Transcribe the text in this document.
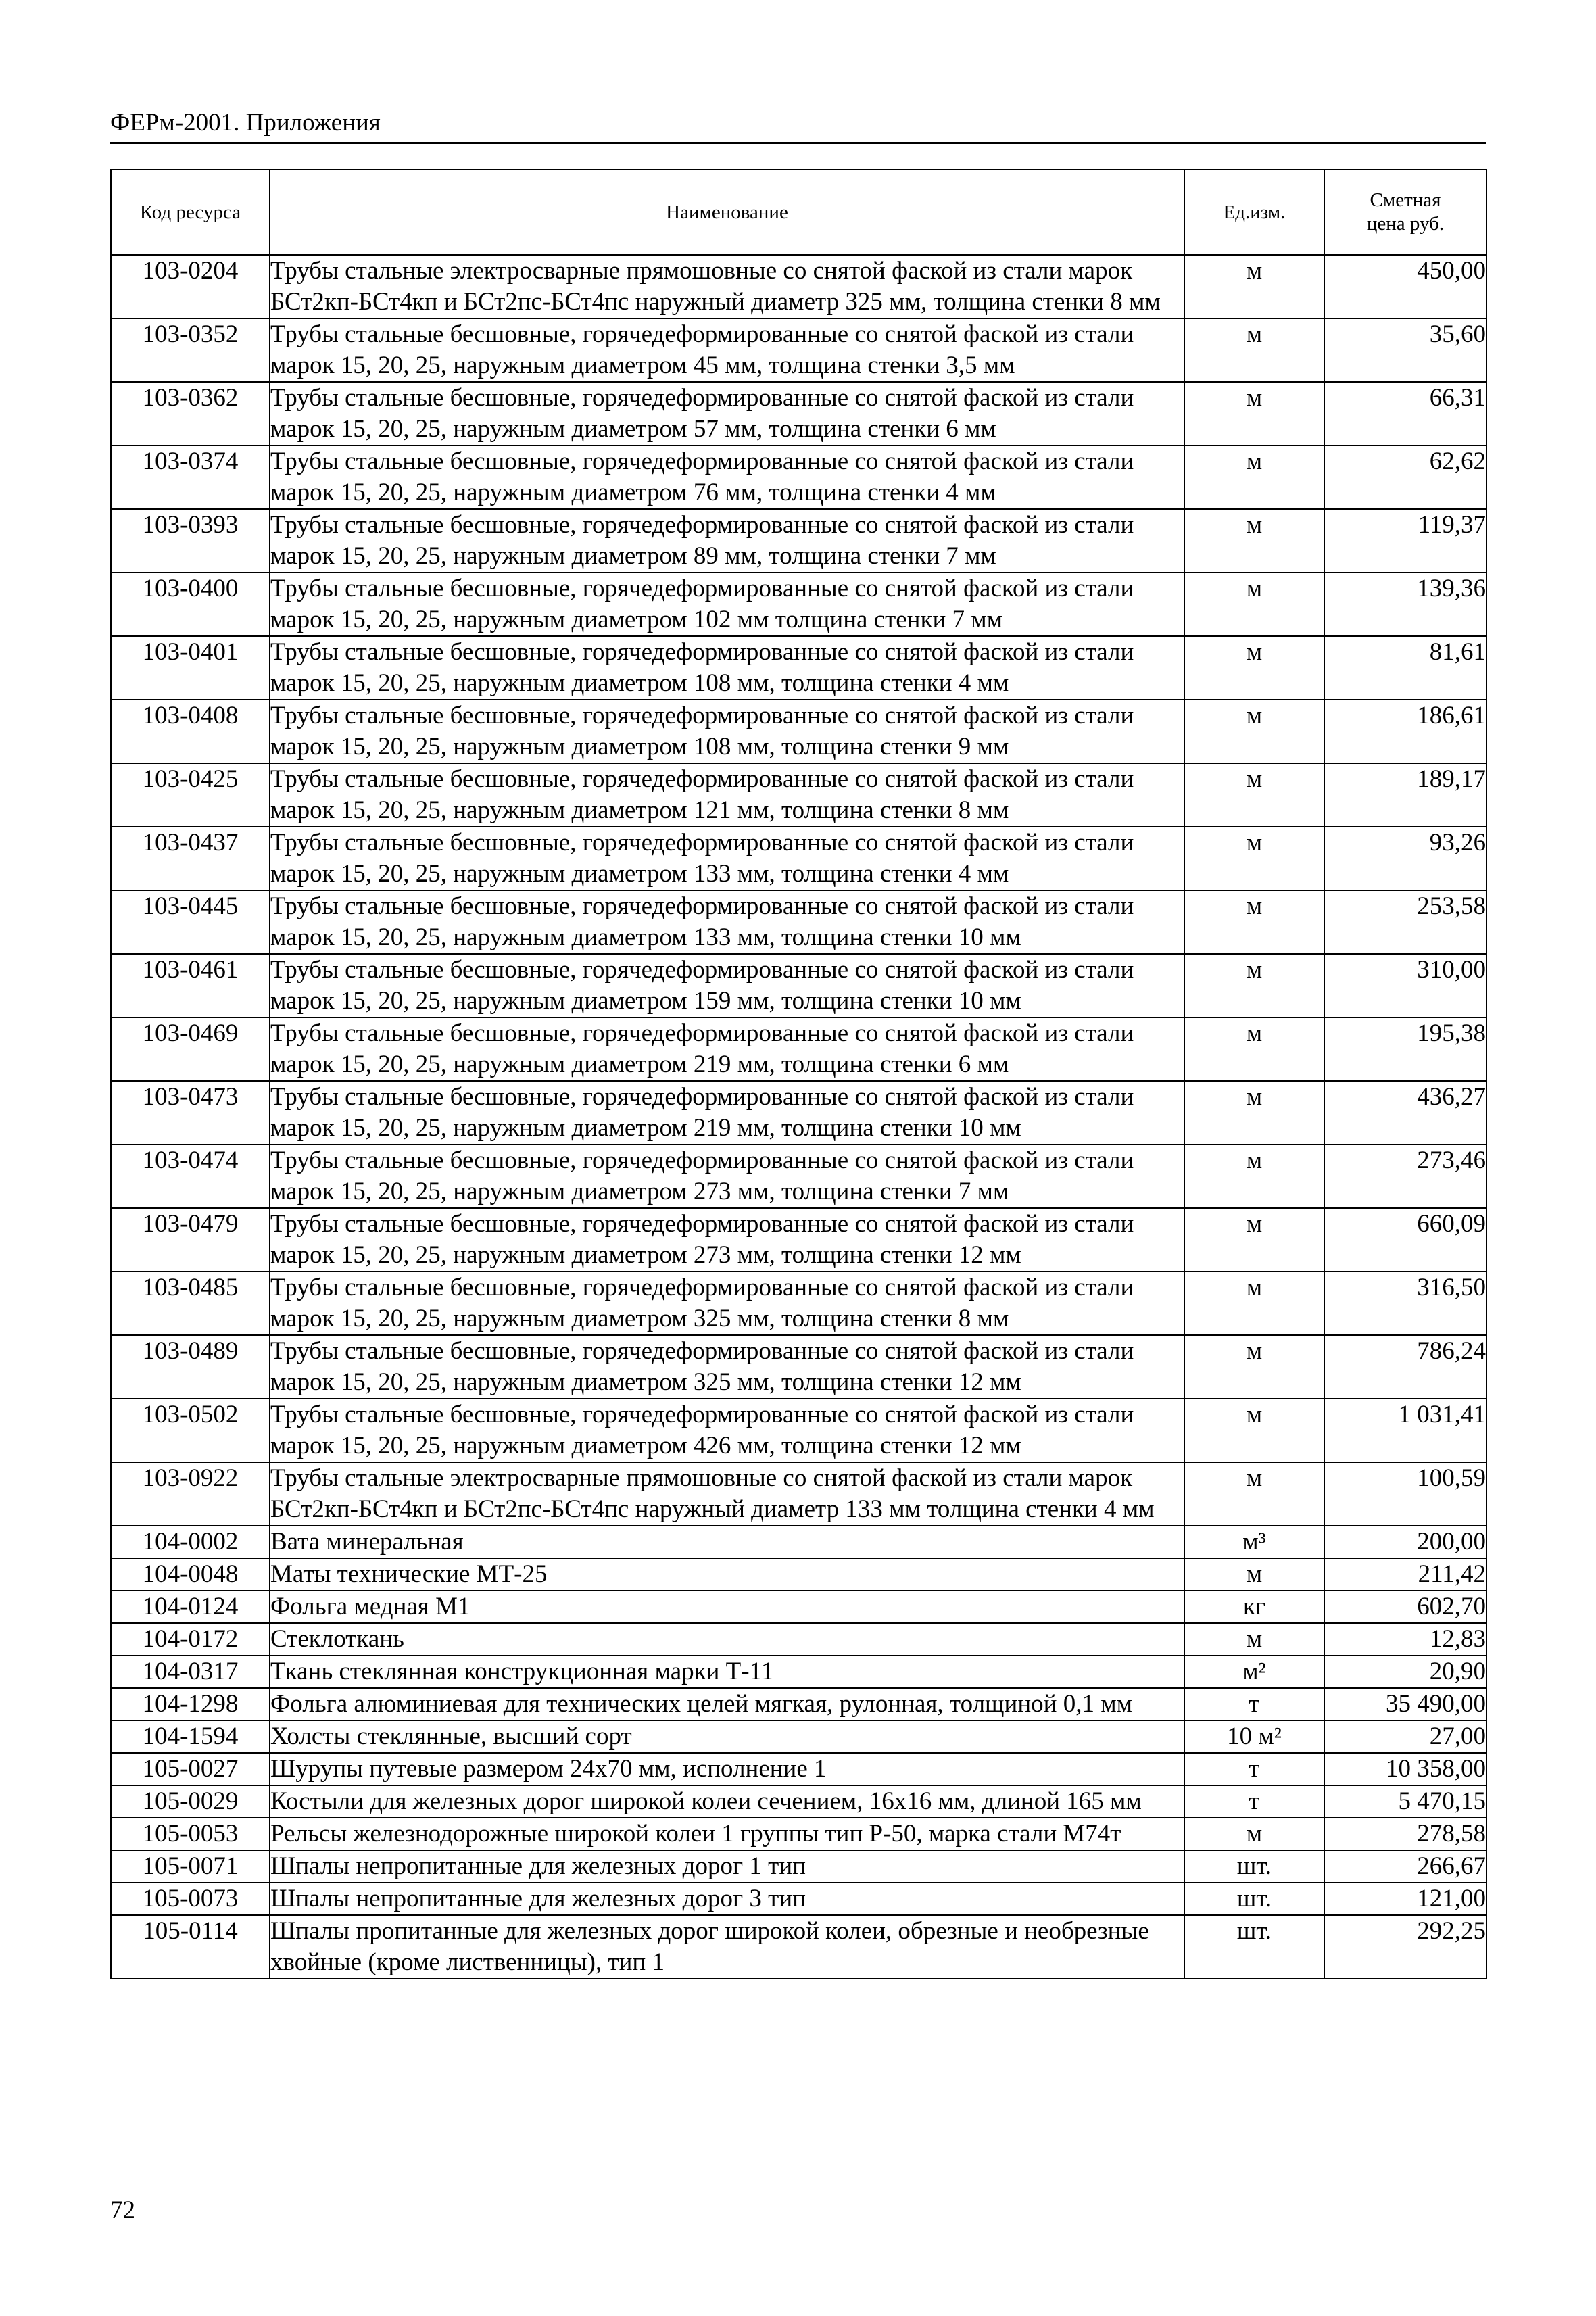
ФЕРм-2001. Приложения
Код ресурса	Наименование	Ед.изм.	Сметная цена руб.
103-0204	Трубы стальные электросварные прямошовные со снятой фаской из стали марок БСт2кп-БСт4кп и БСт2пс-БСт4пс наружный диаметр 325 мм, толщина стенки 8 мм	м	450,00
103-0352	Трубы стальные бесшовные, горячедеформированные со снятой фаской из стали марок 15, 20, 25, наружным диаметром 45 мм, толщина стенки 3,5 мм	м	35,60
103-0362	Трубы стальные бесшовные, горячедеформированные со снятой фаской из стали марок 15, 20, 25, наружным диаметром 57 мм, толщина стенки 6 мм	м	66,31
103-0374	Трубы стальные бесшовные, горячедеформированные со снятой фаской из стали марок 15, 20, 25, наружным диаметром 76 мм, толщина стенки 4 мм	м	62,62
103-0393	Трубы стальные бесшовные, горячедеформированные со снятой фаской из стали марок 15, 20, 25, наружным диаметром 89 мм, толщина стенки 7 мм	м	119,37
103-0400	Трубы стальные бесшовные, горячедеформированные со снятой фаской из стали марок 15, 20, 25, наружным диаметром 102 мм толщина стенки 7 мм	м	139,36
103-0401	Трубы стальные бесшовные, горячедеформированные со снятой фаской из стали марок 15, 20, 25, наружным диаметром 108 мм, толщина стенки 4 мм	м	81,61
103-0408	Трубы стальные бесшовные, горячедеформированные со снятой фаской из стали марок 15, 20, 25, наружным диаметром 108 мм, толщина стенки 9 мм	м	186,61
103-0425	Трубы стальные бесшовные, горячедеформированные со снятой фаской из стали марок 15, 20, 25, наружным диаметром 121 мм, толщина стенки 8 мм	м	189,17
103-0437	Трубы стальные бесшовные, горячедеформированные со снятой фаской из стали марок 15, 20, 25, наружным диаметром 133 мм, толщина стенки 4 мм	м	93,26
103-0445	Трубы стальные бесшовные, горячедеформированные со снятой фаской из стали марок 15, 20, 25, наружным диаметром 133 мм, толщина стенки 10 мм	м	253,58
103-0461	Трубы стальные бесшовные, горячедеформированные со снятой фаской из стали марок 15, 20, 25, наружным диаметром 159 мм, толщина стенки 10 мм	м	310,00
103-0469	Трубы стальные бесшовные, горячедеформированные со снятой фаской из стали марок 15, 20, 25, наружным диаметром 219 мм, толщина стенки 6 мм	м	195,38
103-0473	Трубы стальные бесшовные, горячедеформированные со снятой фаской из стали марок 15, 20, 25, наружным диаметром 219 мм, толщина стенки 10 мм	м	436,27
103-0474	Трубы стальные бесшовные, горячедеформированные со снятой фаской из стали марок 15, 20, 25, наружным диаметром 273 мм, толщина стенки 7 мм	м	273,46
103-0479	Трубы стальные бесшовные, горячедеформированные со снятой фаской из стали марок 15, 20, 25, наружным диаметром 273 мм, толщина стенки 12 мм	м	660,09
103-0485	Трубы стальные бесшовные, горячедеформированные со снятой фаской из стали марок 15, 20, 25, наружным диаметром 325 мм, толщина стенки 8 мм	м	316,50
103-0489	Трубы стальные бесшовные, горячедеформированные со снятой фаской из стали марок 15, 20, 25, наружным диаметром 325 мм, толщина стенки 12 мм	м	786,24
103-0502	Трубы стальные бесшовные, горячедеформированные со снятой фаской из стали марок 15, 20, 25, наружным диаметром 426 мм, толщина стенки 12 мм	м	1 031,41
103-0922	Трубы стальные электросварные прямошовные со снятой фаской из стали марок БСт2кп-БСт4кп и БСт2пс-БСт4пс наружный диаметр 133 мм толщина стенки 4 мм	м	100,59
104-0002	Вата минеральная	м³	200,00
104-0048	Маты технические МТ-25	м	211,42
104-0124	Фольга медная М1	кг	602,70
104-0172	Стеклоткань	м	12,83
104-0317	Ткань стеклянная конструкционная марки Т-11	м²	20,90
104-1298	Фольга алюминиевая для технических целей мягкая, рулонная, толщиной 0,1 мм	т	35 490,00
104-1594	Холсты стеклянные, высший сорт	10 м²	27,00
105-0027	Шурупы путевые размером 24х70 мм, исполнение 1	т	10 358,00
105-0029	Костыли для железных дорог широкой колеи сечением, 16х16 мм, длиной 165 мм	т	5 470,15
105-0053	Рельсы железнодорожные широкой колеи 1 группы тип Р-50, марка стали М74т	м	278,58
105-0071	Шпалы непропитанные для железных дорог 1 тип	шт.	266,67
105-0073	Шпалы непропитанные для железных дорог 3 тип	шт.	121,00
105-0114	Шпалы пропитанные для железных дорог широкой колеи, обрезные и необрезные хвойные (кроме лиственницы), тип 1	шт.	292,25
72
